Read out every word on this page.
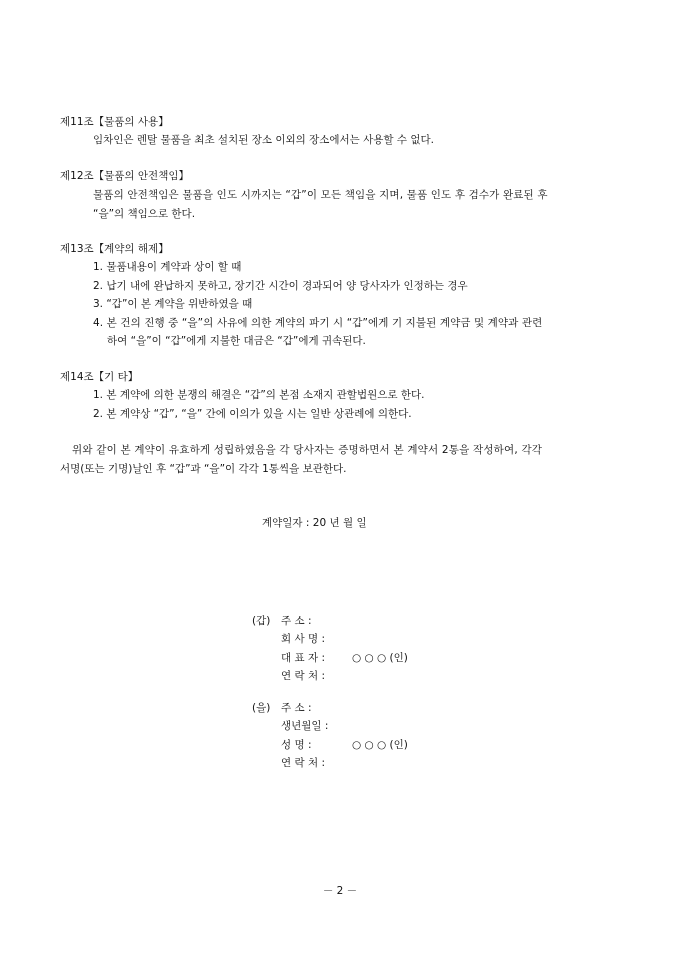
제11조【물품의 사용】
임차인은 렌탈 물품을 최초 설치된 장소 이외의 장소에서는 사용할 수 없다.
제12조【물품의 안전책임】
물품의 안전책임은 물품을 인도 시까지는 “갑”이 모든 책임을 지며, 물품 인도 후 검수가 완료된 후
“을”의 책임으로 한다.
제13조【계약의 해제】
1. 물품내용이 계약과 상이 할 때
2. 납기 내에 완납하지 못하고, 장기간 시간이 경과되어 양 당사자가 인정하는 경우
3. “갑”이 본 계약을 위반하였을 때
4. 본 건의 진행 중 “을”의 사유에 의한 계약의 파기 시 “갑”에게 기 지불된 계약금 및 계약과 관련
하여 “을”이 “갑”에게 지불한 대금은 “갑”에게 귀속된다.
제14조【기 타】
1. 본 계약에 의한 분쟁의 해결은 “갑”의 본점 소재지 관할법원으로 한다.
2. 본 계약상 “갑”, “을” 간에 이의가 있을 시는 일반 상관례에 의한다.
위와 같이 본 계약이 유효하게 성립하였음을 각 당사자는 증명하면서 본 계약서 2통을 작성하여, 각각
서명(또는 기명)날인 후 “갑”과 “을”이 각각 1통씩을 보관한다.
계약일자 : 20 년 월 일
(갑) 주 소 :
회 사 명 :
대 표 자 :	○ ○ ○ (인)
연 락 처 :
(을) 주 소 :
생년월일 :
성 명 :	○ ○ ○ (인)
연 락 처 :
－ 2 －
